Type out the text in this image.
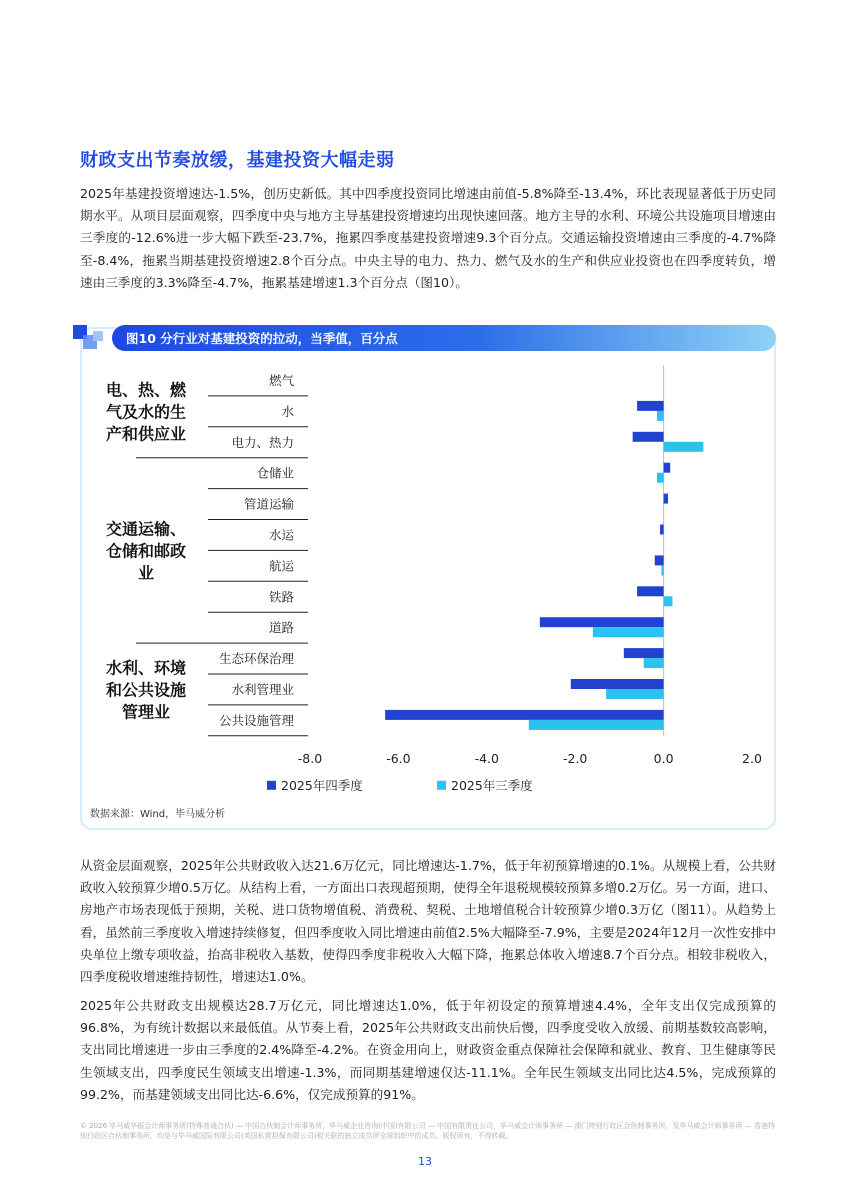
财政支出节奏放缓，基建投资大幅走弱
2025年基建投资增速达-1.5%，创历史新低。其中四季度投资同比增速由前值-5.8%降至-13.4%，环比表现显著低于历史同期水平。从项目层面观察，四季度中央与地方主导基建投资增速均出现快速回落。地方主导的水利、环境公共设施项目增速由三季度的-12.6%进一步大幅下跌至-23.7%，拖累四季度基建投资增速9.3个百分点。交通运输投资增速由三季度的-4.7%降至-8.4%，拖累当期基建投资增速2.8个百分点。中央主导的电力、热力、燃气及水的生产和供应业投资也在四季度转负，增速由三季度的3.3%降至-4.7%，拖累基建增速1.3个百分点（图10）。
图10 分行业对基建投资的拉动，当季值，百分点
燃气
水
电力、热力
电、热、燃
气及水的生
产和供应业
仓储业
管道运输
水运
航运
铁路
道路
交通运输、
仓储和邮政
业
生态环保治理
水利管理业
公共设施管理
水利、环境
和公共设施
管理业
-8.0	-6.0	-4.0	-2.0	0.0	2.0
2025年四季度	2025年三季度
数据来源：Wind，毕马威分析
从资金层面观察，2025年公共财政收入达21.6万亿元，同比增速达-1.7%，低于年初预算增速的0.1%。从规模上看，公共财政收入较预算少增0.5万亿。从结构上看，一方面出口表现超预期，使得全年退税规模较预算多增0.2万亿。另一方面，进口、房地产市场表现低于预期，关税、进口货物增值税、消费税、契税、土地增值税合计较预算少增0.3万亿（图11）。从趋势上看，虽然前三季度收入增速持续修复，但四季度收入同比增速由前值2.5%大幅降至-7.9%，主要是2024年12月一次性安排中央单位上缴专项收益，抬高非税收入基数，使得四季度非税收入大幅下降，拖累总体收入增速8.7个百分点。相较非税收入，四季度税收增速维持韧性，增速达1.0%。
2025年公共财政支出规模达28.7万亿元，同比增速达1.0%，低于年初设定的预算增速4.4%，全年支出仅完成预算的96.8%，为有统计数据以来最低值。从节奏上看，2025年公共财政支出前快后慢，四季度受收入放缓、前期基数较高影响，支出同比增速进一步由三季度的2.4%降至-4.2%。在资金用向上，财政资金重点保障社会保障和就业、教育、卫生健康等民生领域支出，四季度民生领域支出增速-1.3%，而同期基建增速仅达-11.1%。全年民生领域支出同比达4.5%，完成预算的99.2%，而基建领域支出同比达-6.6%，仅完成预算的91%。
© 2026 毕马威华振会计师事务所(特殊普通合伙) — 中国合伙制会计师事务所，毕马威企业咨询(中国)有限公司 — 中国有限责任公司，毕马威会计师事务所 — 澳门特别行政区合伙制事务所，及毕马威会计师事务所 — 香港特别行政区合伙制事务所，均是与毕马威国际有限公司(英国私营担保有限公司)相关联的独立成员所全球组织中的成员。版权所有，不得转载。
13
